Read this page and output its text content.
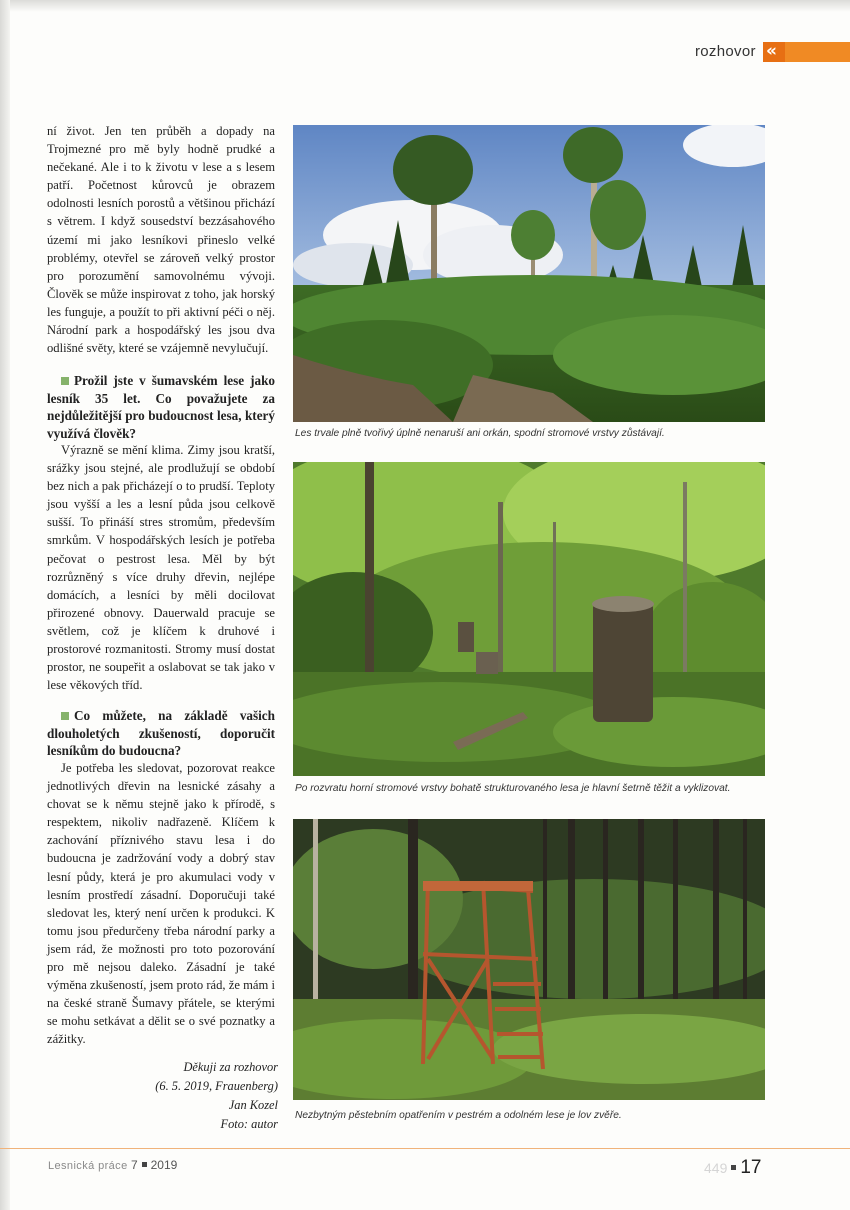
rozhovor «

ní život. Jen ten průběh a dopady na Trojmezné pro mě byly hodně prudké a nečekané. Ale i to k životu v lese a s lesem patří. Početnost kůrovců je obrazem odolnosti lesních porostů a většinou přichází s větrem. I když sousedství bezzásahového území mi jako lesníkovi přineslo velké problémy, otevřel se zároveň velký prostor pro porozumění samovolnému vývoji. Člověk se může inspirovat z toho, jak horský les funguje, a použít to při aktivní péči o něj. Národní park a hospodářský les jsou dva odlišné světy, které se vzájemně nevylučují.

Prožil jste v šumavském lese jako lesník 35 let. Co považujete za nejdůležitější pro budoucnost lesa, který využívá člověk?

Výrazně se mění klima. Zimy jsou kratší, srážky jsou stejné, ale prodlužují se období bez nich a pak přicházejí o to prudší. Teploty jsou vyšší a les a lesní půda jsou celkově sušší. To přináší stres stromům, především smrkům. V hospodářských lesích je potřeba pečovat o pestrost lesa. Měl by být rozrůzněný s více druhy dřevin, nejlépe domácích, a lesníci by měli docilovat přirozené obnovy. Dauerwald pracuje se světlem, což je klíčem k druhové i prostorové rozmanitosti. Stromy musí dostat prostor, ne soupeřit a oslabovat se tak jako v lese věkových tříd.

Co můžete, na základě vašich dlouholetých zkušeností, doporučit lesníkům do budoucna?

Je potřeba les sledovat, pozorovat reakce jednotlivých dřevin na lesnické zásahy a chovat se k němu stejně jako k přírodě, s respektem, nikoliv nadřazeně. Klíčem k zachování příznivého stavu lesa i do budoucna je zadržování vody a dobrý stav lesní půdy, která je pro akumulaci vody v lesním prostředí zásadní. Doporučuji také sledovat les, který není určen k produkci. K tomu jsou předurčeny třeba národní parky a jsem rád, že možnosti pro toto pozorování pro mě nejsou daleko. Zásadní je také výměna zkušeností, jsem proto rád, že mám i na české straně Šumavy přátele, se kterými se mohu setkávat a dělit se o své poznatky a zážitky.

Děkuji za rozhovor
(6. 5. 2019, Frauenberg)
Jan Kozel
Foto: autor
Les trvale plně tvořivý úplně nenaruší ani orkán, spodní stromové vrstvy zůstávají.
Po rozvratu horní stromové vrstvy bohatě strukturovaného lesa je hlavní šetrně těžit a vyklizovat.
Nezbytným pěstebním opatřením v pestrém a odolném lese je lov zvěře.
Lesnická práce 7 2019	449 17
